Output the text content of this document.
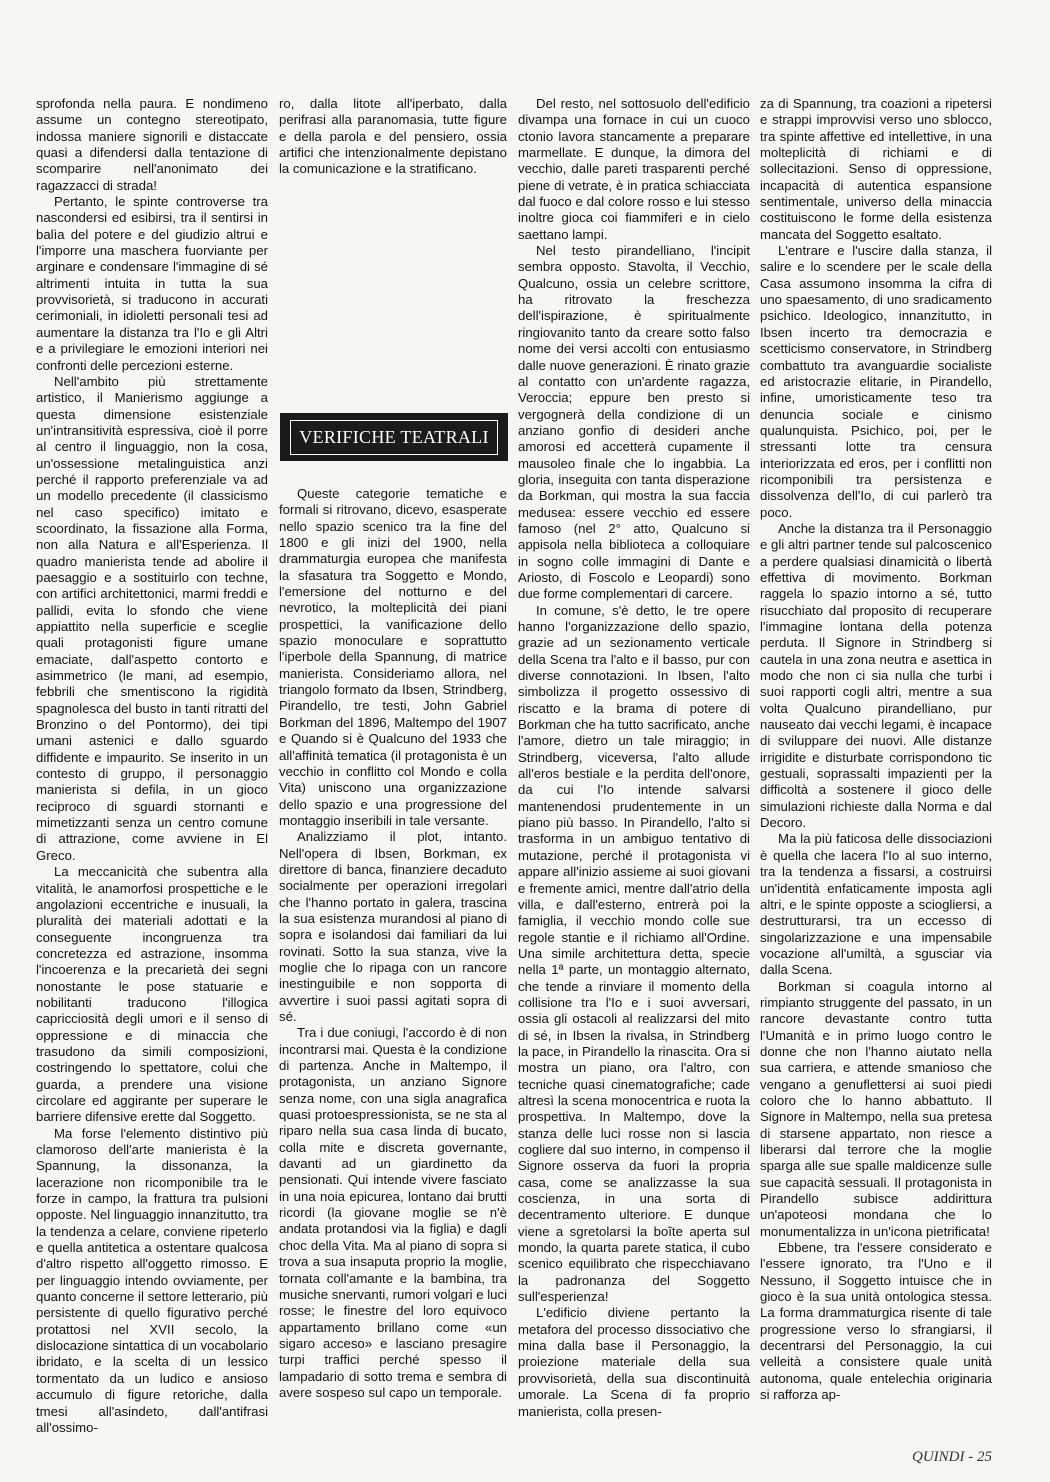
sprofonda nella paura. E nondimeno assume un contegno stereotipato, indossa maniere signorili e distaccate quasi a difendersi dalla tentazione di scomparire nell'anonimato dei ragazzacci di strada!

Pertanto, le spinte controverse tra nascondersi ed esibirsi, tra il sentirsi in balìa del potere e del giudizio altrui e l'imporre una maschera fuorviante per arginare e condensare l'immagine di sé altrimenti intuita in tutta la sua provvisorietà, si traducono in accurati cerimoniali, in idioletti personali tesi ad aumentare la distanza tra l'Io e gli Altri e a privilegiare le emozioni interiori nei confronti delle percezioni esterne.

Nell'ambito più strettamente artistico, il Manierismo aggiunge a questa dimensione esistenziale un'intransitività espressiva, cioè il porre al centro il linguaggio, non la cosa, un'ossessione metalinguistica anzi perché il rapporto preferenziale va ad un modello precedente (il classicismo nel caso specifico) imitato e scoordinato, la fissazione alla Forma, non alla Natura e all'Esperienza. Il quadro manierista tende ad abolire il paesaggio e a sostituirlo con techne, con artifici architettonici, marmi freddi e pallidi, evita lo sfondo che viene appiattito nella superficie e sceglie quali protagonisti figure umane emaciate, dall'aspetto contorto e asimmetrico (le mani, ad esempio, febbrili che smentiscono la rigidità spagnolesca del busto in tanti ritratti del Bronzino o del Pontormo), dei tipi umani astenici e dallo sguardo diffidente e impaurito. Se inserito in un contesto di gruppo, il personaggio manierista si defila, in un gioco reciproco di sguardi stornanti e mimetizzanti senza un centro comune di attrazione, come avviene in El Greco.

La meccanicità che subentra alla vitalità, le anamorfosi prospettiche e le angolazioni eccentriche e inusuali, la pluralità dei materiali adottati e la conseguente incongruenza tra concretezza ed astrazione, insomma l'incoerenza e la precarietà dei segni nonostante le pose statuarie e nobilitanti traducono l'illogica capricciosità degli umori e il senso di oppressione e di minaccia che trasudono da simili composizioni, costringendo lo spettatore, colui che guarda, a prendere una visione circolare ed aggirante per superare le barriere difensive erette dal Soggetto.

Ma forse l'elemento distintivo più clamoroso dell'arte manierista è la Spannung, la dissonanza, la lacerazione non ricomponibile tra le forze in campo, la frattura tra pulsioni opposte. Nel linguaggio innanzitutto, tra la tendenza a celare, conviene ripeterlo e quella antitetica a ostentare qualcosa d'altro rispetto all'oggetto rimosso. E per linguaggio intendo ovviamente, per quanto concerne il settore letterario, più persistente di quello figurativo perché protattosi nel XVII secolo, la dislocazione sintattica di un vocabolario ibridato, e la scelta di un lessico tormentato da un ludico e ansioso accumulo di figure retoriche, dalla tmesi all'asindeto, dall'antifrasi all'ossimo-

ro, dalla litote all'iperbato, dalla perifrasi alla paranomasia, tutte figure e della parola e del pensiero, ossia artifici che intenzionalmente depistano la comunicazione e la stratificano.

VERIFICHE TEATRALI

Queste categorie tematiche e formali si ritrovano, dicevo, esasperate nello spazio scenico tra la fine del 1800 e gli inizi del 1900, nella drammaturgia europea che manifesta la sfasatura tra Soggetto e Mondo, l'emersione del notturno e del nevrotico, la molteplicità dei piani prospettici, la vanificazione dello spazio monoculare e soprattutto l'iperbole della Spannung, di matrice manierista. Consideriamo allora, nel triangolo formato da Ibsen, Strindberg, Pirandello, tre testi, John Gabriel Borkman del 1896, Maltempo del 1907 e Quando si è Qualcuno del 1933 che all'affinità tematica (il protagonista è un vecchio in conflitto col Mondo e colla Vita) uniscono una organizzazione dello spazio e una progressione del montaggio inseribili in tale versante.

Analizziamo il plot, intanto. Nell'opera di Ibsen, Borkman, ex direttore di banca, finanziere decaduto socialmente per operazioni irregolari che l'hanno portato in galera, trascina la sua esistenza murandosi al piano di sopra e isolandosi dai familiari da lui rovinati. Sotto la sua stanza, vive la moglie che lo ripaga con un rancore inestinguibile e non sopporta di avvertire i suoi passi agitati sopra di sé.

Tra i due coniugi, l'accordo è di non incontrarsi mai. Questa è la condizione di partenza. Anche in Maltempo, il protagonista, un anziano Signore senza nome, con una sigla anagrafica quasi protoespressionista, se ne sta al riparo nella sua casa linda di bucato, colla mite e discreta governante, davanti ad un giardinetto da pensionati. Qui intende vivere fasciato in una noia epicurea, lontano dai brutti ricordi (la giovane moglie se n'è andata protandosi via la figlia) e dagli choc della Vita. Ma al piano di sopra si trova a sua insaputa proprio la moglie, tornata coll'amante e la bambina, tra musiche snervanti, rumori volgari e luci rosse; le finestre del loro equivoco appartamento brillano come «un sigaro acceso» e lasciano presagire turpi traffici perché spesso il lampadario di sotto trema e sembra di avere sospeso sul capo un temporale.

Del resto, nel sottosuolo dell'edificio divampa una fornace in cui un cuoco ctonio lavora stancamente a preparare marmellate. E dunque, la dimora del vecchio, dalle pareti trasparenti perché piene di vetrate, è in pratica schiacciata dal fuoco e dal colore rosso e lui stesso inoltre gioca coi fiammiferi e in cielo saettano lampi.

Nel testo pirandelliano, l'incipit sembra opposto. Stavolta, il Vecchio, Qualcuno, ossia un celebre scrittore, ha ritrovato la freschezza dell'ispirazione, è spiritualmente ringiovanito tanto da creare sotto falso nome dei versi accolti con entusiasmo dalle nuove generazioni. È rinato grazie al contatto con un'ardente ragazza, Veroccia; eppure ben presto si vergognerà della condizione di un anziano gonfio di desideri anche amorosi ed accetterà cupamente il mausoleo finale che lo ingabbia. La gloria, inseguita con tanta disperazione da Borkman, qui mostra la sua faccia medusea: essere vecchio ed essere famoso (nel 2° atto, Qualcuno si appisola nella biblioteca a colloquiare in sogno colle immagini di Dante e Ariosto, di Foscolo e Leopardi) sono due forme complementari di carcere.

In comune, s'è detto, le tre opere hanno l'organizzazione dello spazio, grazie ad un sezionamento verticale della Scena tra l'alto e il basso, pur con diverse connotazioni. In Ibsen, l'alto simbolizza il progetto ossessivo di riscatto e la brama di potere di Borkman che ha tutto sacrificato, anche l'amore, dietro un tale miraggio; in Strindberg, viceversa, l'alto allude all'eros bestiale e la perdita dell'onore, da cui l'Io intende salvarsi mantenendosi prudentemente in un piano più basso. In Pirandello, l'alto si trasforma in un ambiguo tentativo di mutazione, perché il protagonista vi appare all'inizio assieme ai suoi giovani e fremente amici, mentre dall'atrio della villa, e dall'esterno, entrerà poi la famiglia, il vecchio mondo colle sue regole stantie e il richiamo all'Ordine. Una simile architettura detta, specie nella 1ª parte, un montaggio alternato, che tende a rinviare il momento della collisione tra l'Io e i suoi avversari, ossia gli ostacoli al realizzarsi del mito di sé, in Ibsen la rivalsa, in Strindberg la pace, in Pirandello la rinascita. Ora si mostra un piano, ora l'altro, con tecniche quasi cinematografiche; cade altresì la scena monocentrica e ruota la prospettiva. In Maltempo, dove la stanza delle luci rosse non si lascia cogliere dal suo interno, in compenso il Signore osserva da fuori la propria casa, come se analizzasse la sua coscienza, in una sorta di decentramento ulteriore. E dunque viene a sgretolarsi la boîte aperta sul mondo, la quarta parete statica, il cubo scenico equilibrato che rispecchiavano la padronanza del Soggetto sull'esperienza!

L'edificio diviene pertanto la metafora del processo dissociativo che mina dalla base il Personaggio, la proiezione materiale della sua provvisorietà, della sua discontinuità umorale. La Scena di fa proprio manierista, colla presen-

za di Spannung, tra coazioni a ripetersi e strappi improvvisi verso uno sblocco, tra spinte affettive ed intellettive, in una molteplicità di richiami e di sollecitazioni. Senso di oppressione, incapacità di autentica espansione sentimentale, universo della minaccia costituiscono le forme della esistenza mancata del Soggetto esaltato.

L'entrare e l'uscire dalla stanza, il salire e lo scendere per le scale della Casa assumono insomma la cifra di uno spaesamento, di uno sradicamento psichico. Ideologico, innanzitutto, in Ibsen incerto tra democrazia e scetticismo conservatore, in Strindberg combattuto tra avanguardie socialiste ed aristocrazie elitarie, in Pirandello, infine, umoristicamente teso tra denuncia sociale e cinismo qualunquista. Psichico, poi, per le stressanti lotte tra censura interiorizzata ed eros, per i conflitti non ricomponibili tra persistenza e dissolvenza dell'Io, di cui parlerò tra poco.

Anche la distanza tra il Personaggio e gli altri partner tende sul palcoscenico a perdere qualsiasi dinamicità o libertà effettiva di movimento. Borkman raggela lo spazio intorno a sé, tutto risucchiato dal proposito di recuperare l'immagine lontana della potenza perduta. Il Signore in Strindberg si cautela in una zona neutra e asettica in modo che non ci sia nulla che turbi i suoi rapporti cogli altri, mentre a sua volta Qualcuno pirandelliano, pur nauseato dai vecchi legami, è incapace di sviluppare dei nuovi. Alle distanze irrigidite e disturbate corrispondono tic gestuali, soprassalti impazienti per la difficoltà a sostenere il gioco delle simulazioni richieste dalla Norma e dal Decoro.

Ma la più faticosa delle dissociazioni è quella che lacera l'Io al suo interno, tra la tendenza a fissarsi, a costruirsi un'identità enfaticamente imposta agli altri, e le spinte opposte a sciogliersi, a destrutturarsi, tra un eccesso di singolarizzazione e una impensabile vocazione all'umiltà, a sgusciar via dalla Scena.

Borkman si coagula intorno al rimpianto struggente del passato, in un rancore devastante contro tutta l'Umanità e in primo luogo contro le donne che non l'hanno aiutato nella sua carriera, e attende smanioso che vengano a genuflettersi ai suoi piedi coloro che lo hanno abbattuto. Il Signore in Maltempo, nella sua pretesa di starsene appartato, non riesce a liberarsi dal terrore che la moglie sparga alle sue spalle maldicenze sulle sue capacità sessuali. Il protagonista in Pirandello subisce addirittura un'apoteosi mondana che lo monumentalizza in un'icona pietrificata!

Ebbene, tra l'essere considerato e l'essere ignorato, tra l'Uno e il Nessuno, il Soggetto intuisce che in gioco è la sua unità ontologica stessa. La forma drammaturgica risente di tale progressione verso lo sfrangiarsi, il decentrarsi del Personaggio, la cui velleità a consistere quale unità autonoma, quale entelechia originaria si rafforza ap-

QUINDI - 25
